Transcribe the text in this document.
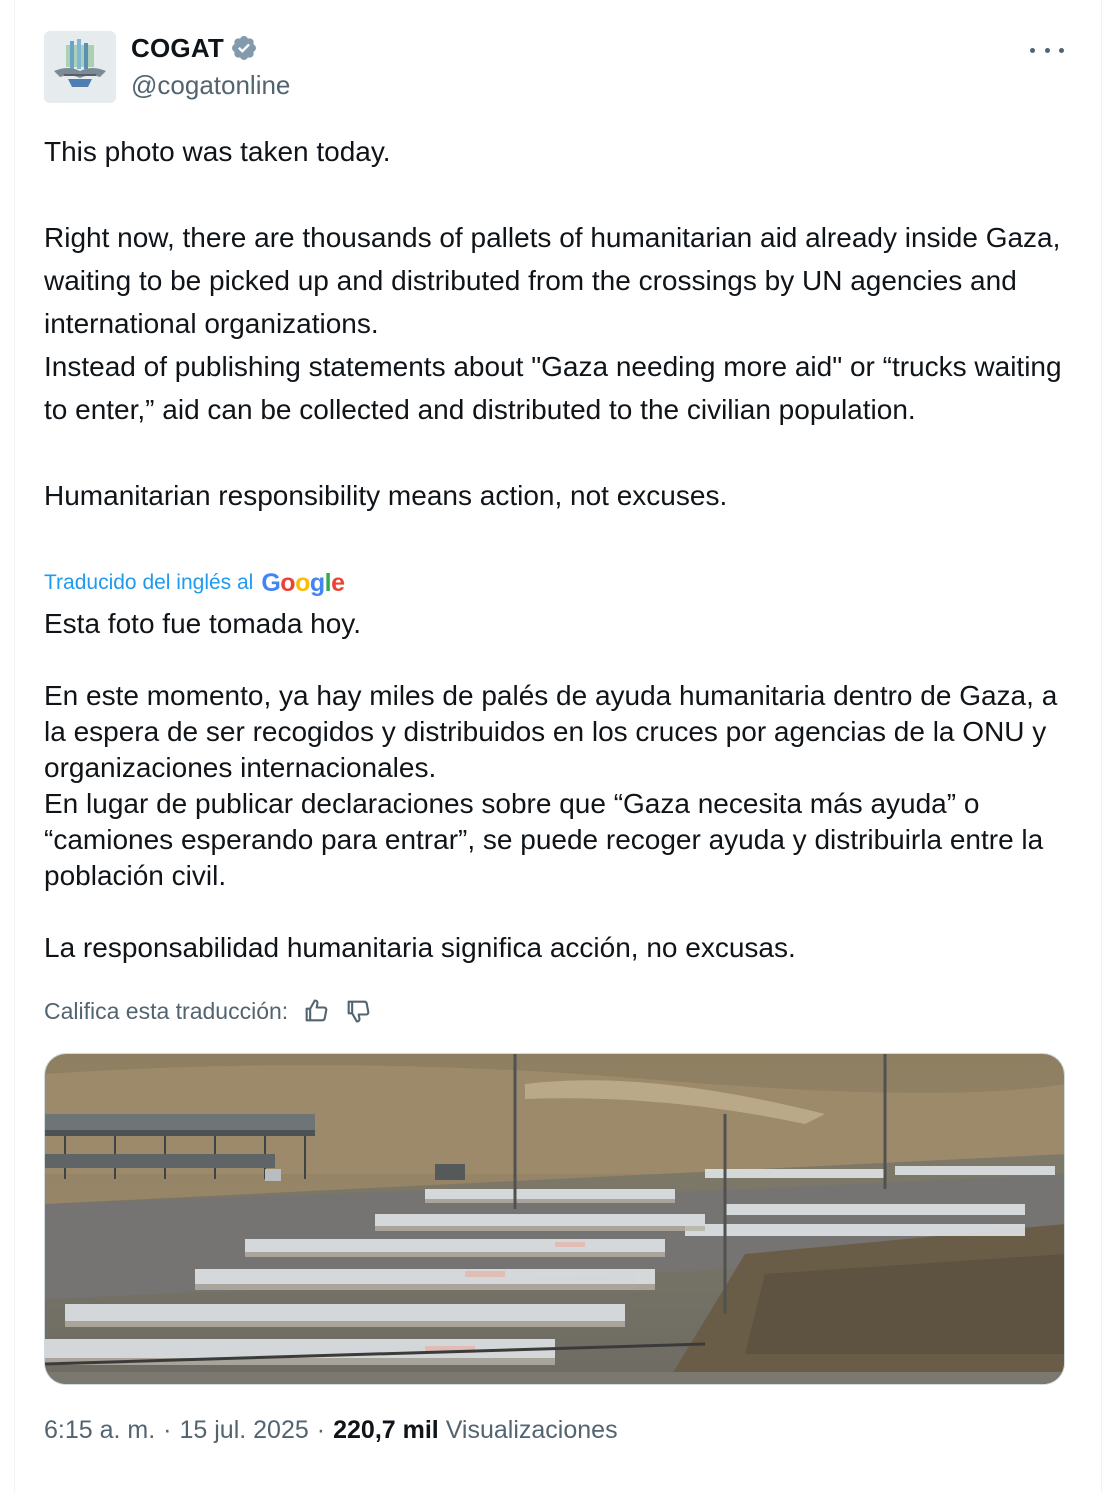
COGAT
@cogatonline
This photo was taken today.

Right now, there are thousands of pallets of humanitarian aid already inside Gaza, waiting to be picked up and distributed from the crossings by UN agencies and international organizations.
Instead of publishing statements about "Gaza needing more aid" or “trucks waiting to enter,” aid can be collected and distributed to the civilian population.

Humanitarian responsibility means action, not excuses.
Traducido del inglés al Google
Esta foto fue tomada hoy.

En este momento, ya hay miles de palés de ayuda humanitaria dentro de Gaza, a la espera de ser recogidos y distribuidos en los cruces por agencias de la ONU y organizaciones internacionales.
En lugar de publicar declaraciones sobre que “Gaza necesita más ayuda” o “camiones esperando para entrar”, se puede recoger ayuda y distribuirla entre la población civil.

La responsabilidad humanitaria significa acción, no excusas.
Califica esta traducción:
6:15 a. m. · 15 jul. 2025 · 220,7 mil Visualizaciones
